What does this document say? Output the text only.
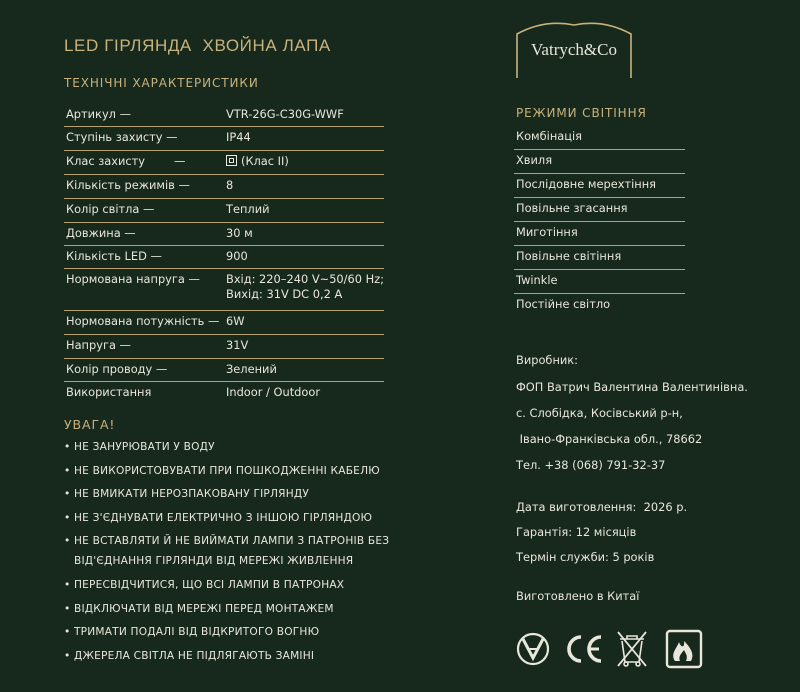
LED ГІРЛЯНДА  ХВОЙНА ЛАПА
ТЕХНІЧНІ ХАРАКТЕРИСТИКИ
Артикул —	VTR-26G-C30G-WWF
Ступінь захисту —	IP44
Клас захисту        —	(Клас II)
Кількість режимів —	8
Колір світла —	Теплий
Довжина —	30 м
Кількість LED —	900
Нормована напруга —	Вхід: 220–240 V~50/60 Hz;
Вихід: 31V DC 0,2 А
Нормована потужність — 6W
Напруга —	31V
Колір проводу —	Зелений
Використання	Indoor / Outdoor
УВАГА!
• НЕ ЗАНУРЮВАТИ У ВОДУ
• НЕ ВИКОРИСТОВУВАТИ ПРИ ПОШКОДЖЕННІ КАБЕЛЮ
• НЕ ВМИКАТИ НЕРОЗПАКОВАНУ ГІРЛЯНДУ
• НЕ З'ЄДНУВАТИ ЕЛЕКТРИЧНО З ІНШОЮ ГІРЛЯНДОЮ
• НЕ ВСТАВЛЯТИ Й НЕ ВИЙМАТИ ЛАМПИ З ПАТРОНІВ БЕЗ
ВІД'ЄДНАННЯ ГІРЛЯНДИ ВІД МЕРЕЖІ ЖИВЛЕННЯ
• ПЕРЕСВІДЧИТИСЯ, ЩО ВСІ ЛАМПИ В ПАТРОНАХ
• ВІДКЛЮЧАТИ ВІД МЕРЕЖІ ПЕРЕД МОНТАЖЕМ
• ТРИМАТИ ПОДАЛІ ВІД ВІДКРИТОГО ВОГНЮ
• ДЖЕРЕЛА СВІТЛА НЕ ПІДЛЯГАЮТЬ ЗАМІНІ
Vatrych&Co
РЕЖИМИ СВІТІННЯ
Комбінація
Хвиля
Послідовне мерехтіння
Повільне згасання
Миготіння
Повільне світіння
Twinkle
Постійне світло
Виробник:
ФОП Ватрич Валентина Валентинівна.
с. Слобідка, Косівський р-н,
Івано-Франківська обл., 78662
Тел. +38 (068) 791-32-37
Дата виготовлення:  2026 р.
Гарантія: 12 місяців
Термін служби: 5 років
Виготовлено в Китаї
